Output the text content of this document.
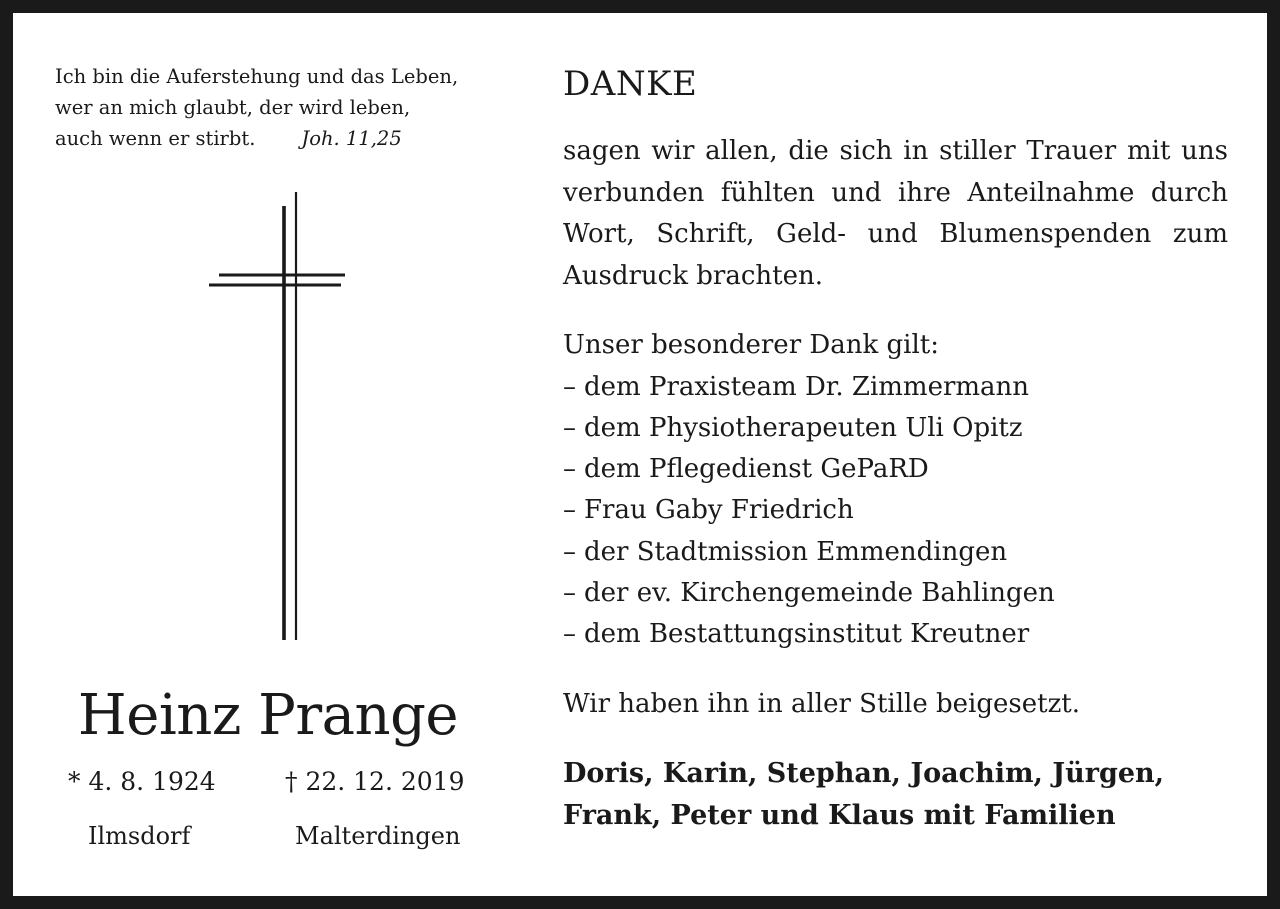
Ich bin die Auferstehung und das Leben,
wer an mich glaubt, der wird leben,
auch wenn er stirbt. Joh. 11,25
Heinz Prange
* 4. 8. 1924
Ilmsdorf
† 22. 12. 2019
Malterdingen
DANKE

sagen wir allen, die sich in stiller Trauer mit uns verbunden fühlten und ihre Anteilnahme durch Wort, Schrift, Geld- und Blumenspenden zum Ausdruck brachten.

Unser besonderer Dank gilt:

– dem Praxisteam Dr. Zimmermann
– dem Physiotherapeuten Uli Opitz
– dem Pflegedienst GePaRD
– Frau Gaby Friedrich
– der Stadtmission Emmendingen
– der ev. Kirchengemeinde Bahlingen
– dem Bestattungsinstitut Kreutner

Wir haben ihn in aller Stille beigesetzt.

Doris, Karin, Stephan, Joachim, Jürgen,
Frank, Peter und Klaus mit Familien
